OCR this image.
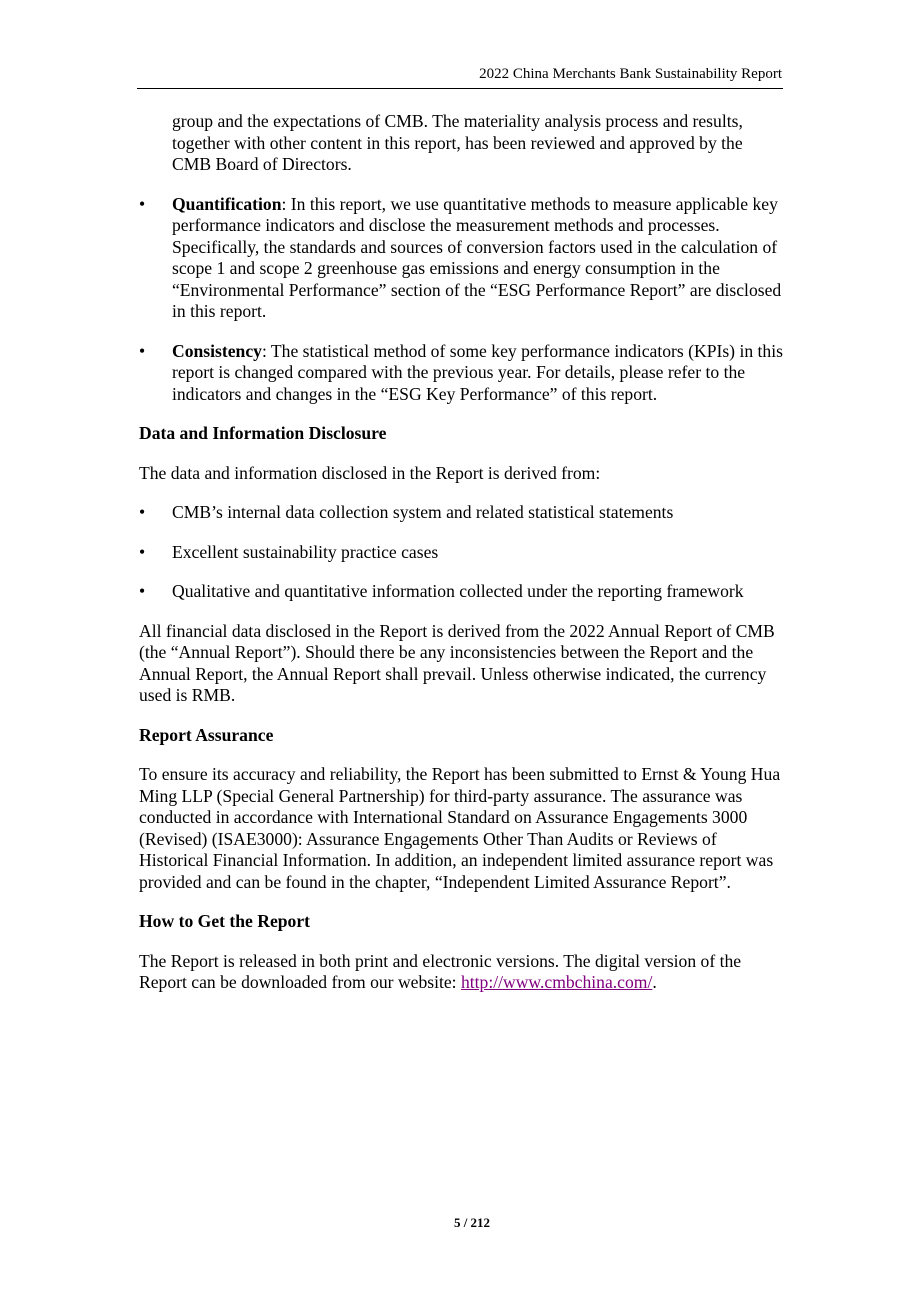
2022 China Merchants Bank Sustainability Report

group and the expectations of CMB. The materiality analysis process and results, together with other content in this report, has been reviewed and approved by the CMB Board of Directors.

•	Quantification: In this report, we use quantitative methods to measure applicable key performance indicators and disclose the measurement methods and processes. Specifically, the standards and sources of conversion factors used in the calculation of scope 1 and scope 2 greenhouse gas emissions and energy consumption in the “Environmental Performance” section of the “ESG Performance Report” are disclosed in this report.
•	Consistency: The statistical method of some key performance indicators (KPIs) in this report is changed compared with the previous year. For details, please refer to the indicators and changes in the “ESG Key Performance” of this report.

Data and Information Disclosure

The data and information disclosed in the Report is derived from:

•	CMB’s internal data collection system and related statistical statements
•	Excellent sustainability practice cases
•	Qualitative and quantitative information collected under the reporting framework

All financial data disclosed in the Report is derived from the 2022 Annual Report of CMB (the “Annual Report”). Should there be any inconsistencies between the Report and the Annual Report, the Annual Report shall prevail. Unless otherwise indicated, the currency used is RMB.

Report Assurance

To ensure its accuracy and reliability, the Report has been submitted to Ernst & Young Hua Ming LLP (Special General Partnership) for third-party assurance. The assurance was conducted in accordance with International Standard on Assurance Engagements 3000 (Revised) (ISAE3000): Assurance Engagements Other Than Audits or Reviews of Historical Financial Information. In addition, an independent limited assurance report was provided and can be found in the chapter, “Independent Limited Assurance Report”.

How to Get the Report

The Report is released in both print and electronic versions. The digital version of the Report can be downloaded from our website: http://www.cmbchina.com/.

5 / 212
